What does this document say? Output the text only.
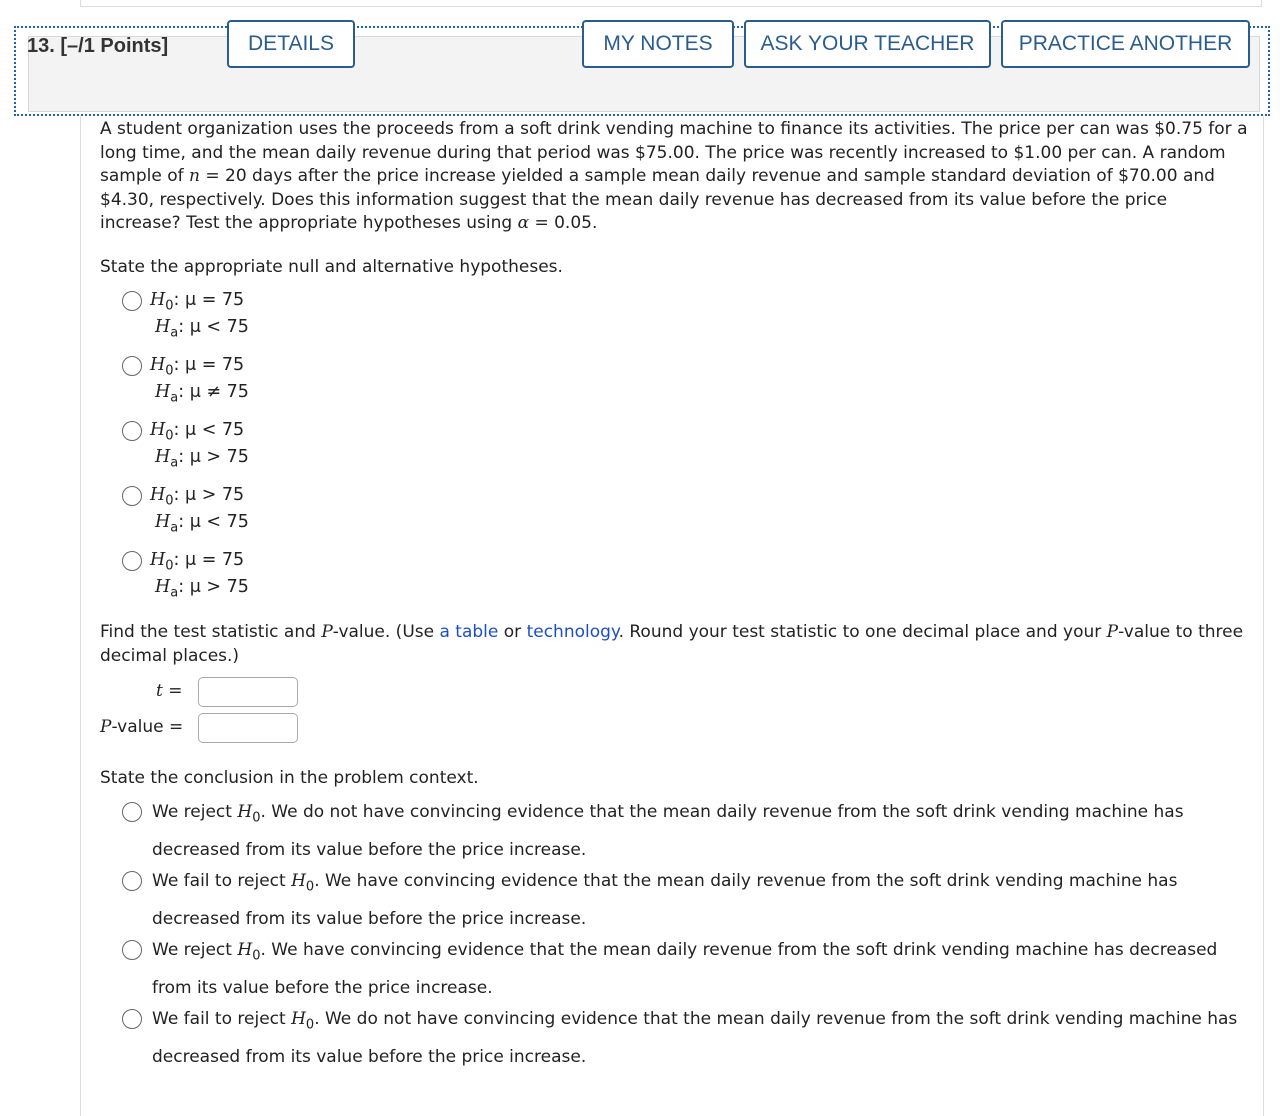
13. [–/1 Points]	DETAILS	MY NOTES	ASK YOUR TEACHER	PRACTICE ANOTHER
A student organization uses the proceeds from a soft drink vending machine to finance its activities. The price per can was $0.75 for a long time, and the mean daily revenue during that period was $75.00. The price was recently increased to $1.00 per can. A random sample of n = 20 days after the price increase yielded a sample mean daily revenue and sample standard deviation of $70.00 and $4.30, respectively. Does this information suggest that the mean daily revenue has decreased from its value before the price increase? Test the appropriate hypotheses using α = 0.05.
State the appropriate null and alternative hypotheses.
$H_0$: μ = 75
$H_a$: μ < 75
$H_0$: μ = 75
$H_a$: μ ≠ 75
$H_0$: μ < 75
$H_a$: μ > 75
$H_0$: μ > 75
$H_a$: μ < 75
$H_0$: μ = 75
$H_a$: μ > 75
Find the test statistic and P-value. (Use a table or technology. Round your test statistic to one decimal place and your P-value to three decimal places.)
t =
P-value =
State the conclusion in the problem context.
We reject $H_0$. We do not have convincing evidence that the mean daily revenue from the soft drink vending machine has decreased from its value before the price increase.
We fail to reject $H_0$. We have convincing evidence that the mean daily revenue from the soft drink vending machine has decreased from its value before the price increase.
We reject $H_0$. We have convincing evidence that the mean daily revenue from the soft drink vending machine has decreased from its value before the price increase.
We fail to reject $H_0$. We do not have convincing evidence that the mean daily revenue from the soft drink vending machine has decreased from its value before the price increase.
